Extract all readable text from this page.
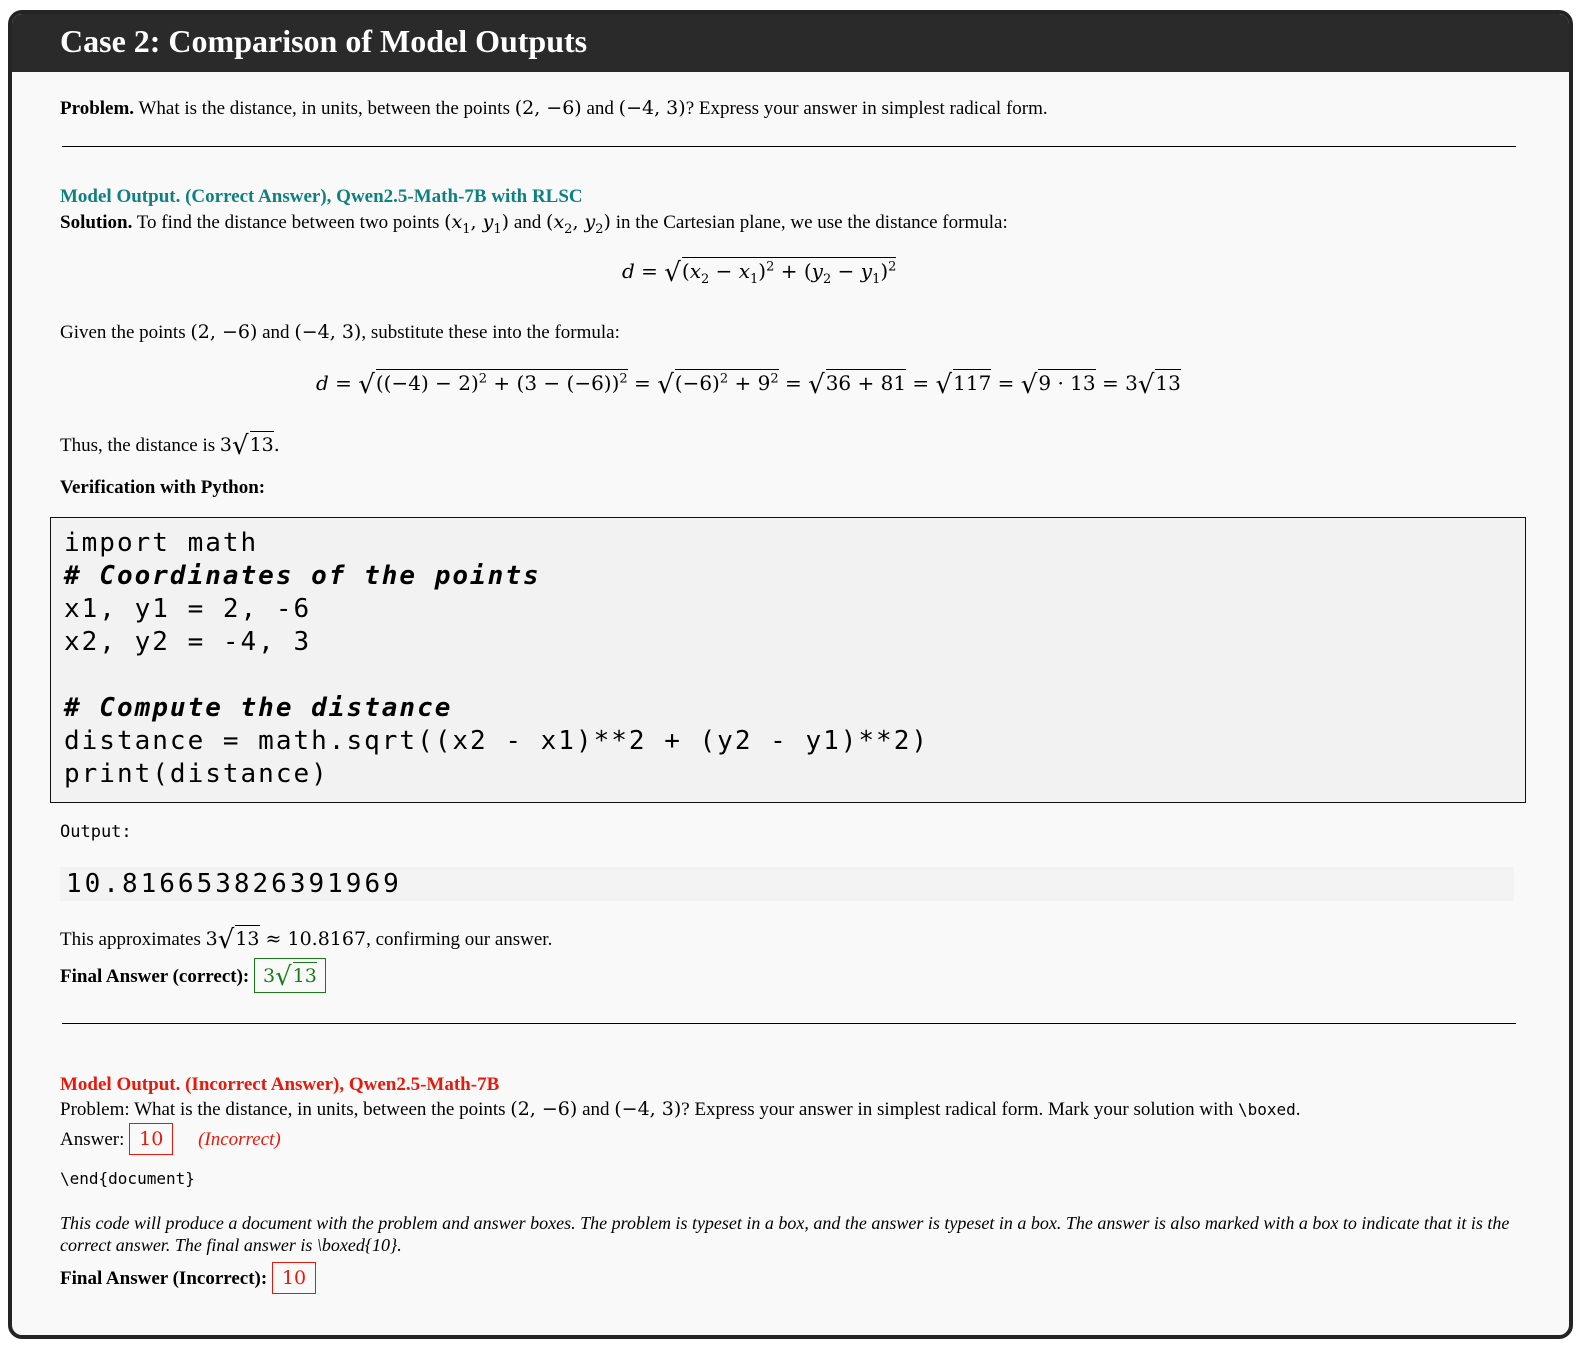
Case 2: Comparison of Model Outputs
Problem. What is the distance, in units, between the points (2, −6) and (−4, 3)? Express your answer in simplest radical form.
Model Output. (Correct Answer), Qwen2.5-Math-7B with RLSC
Solution. To find the distance between two points ($x_1$, $y_1$) and ($x_2$, $y_2$) in the Cartesian plane, we use the distance formula:
$d = √(x_2 - x_1)^2 + (y_2 - y_1)^2$
Given the points (2, −6) and (−4, 3), substitute these into the formula:
$d = √((-4) - 2)^2 + (3 - (-6))^2 = √(-6)^2 + 9^2 = √36 + 81 = √117 = √9 \cdot 13 = 3√13$
Thus, the distance is 3√13.
Verification with Python:
import math
# Coordinates of the points
x1, y1 = 2, -6
x2, y2 = -4, 3

# Compute the distance
distance = math.sqrt((x2 - x1)**2 + (y2 - y1)**2)
print(distance)
Output:
10.816653826391969
This approximates 3√13 ≈ 10.8167, confirming our answer.
Final Answer (correct): 3√13
Model Output. (Incorrect Answer), Qwen2.5-Math-7B
Problem: What is the distance, in units, between the points (2, −6) and (−4, 3)? Express your answer in simplest radical form. Mark your solution with \boxed.
Answer: 10 (Incorrect)
\end{document}
This code will produce a document with the problem and answer boxes. The problem is typeset in a box, and the answer is typeset in a box. The answer is also marked with a box to indicate that it is the correct answer. The final answer is \boxed{10}.
Final Answer (Incorrect): 10
